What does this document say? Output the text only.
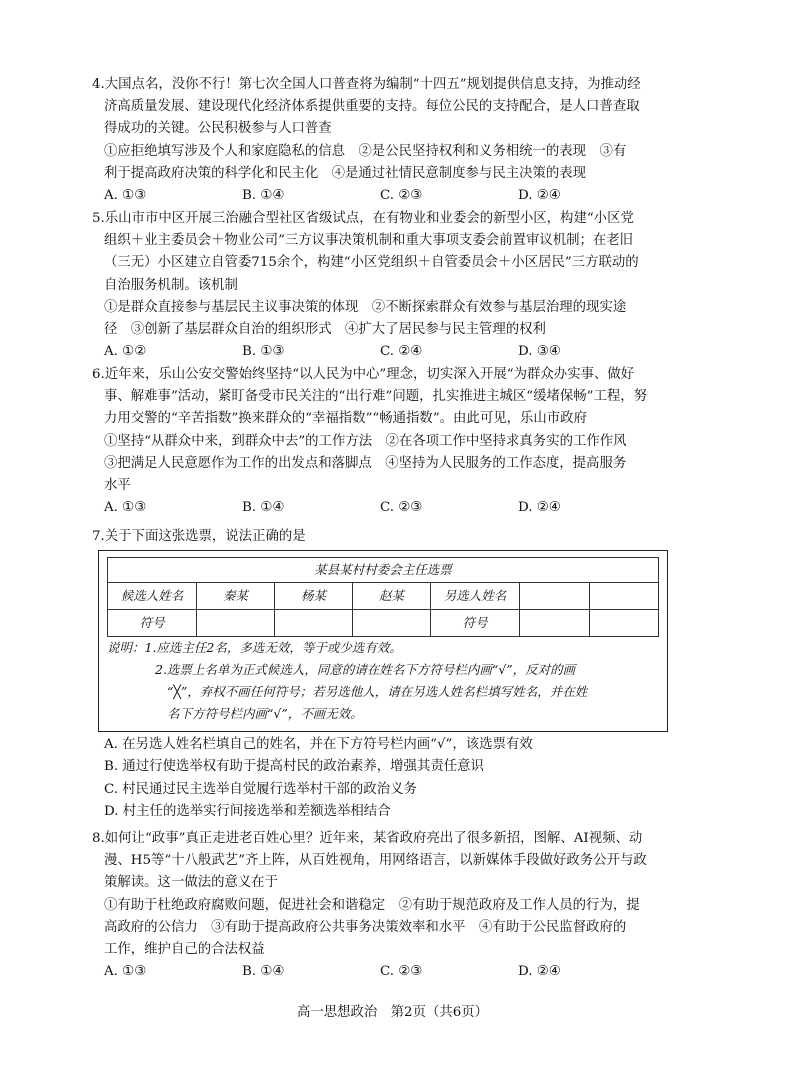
4.大国点名，没你不行！第七次全国人口普查将为编制“十四五”规划提供信息支持，为推动经

济高质量发展、建设现代化经济体系提供重要的支持。每位公民的支持配合，是人口普查取

得成功的关键。公民积极参与人口普查

①应拒绝填写涉及个人和家庭隐私的信息　②是公民坚持权利和义务相统一的表现　③有

利于提高政府决策的科学化和民主化　④是通过社情民意制度参与民主决策的表现

A. ①③	B. ①④	C. ②③	D. ②④

5.乐山市市中区开展三治融合型社区省级试点，在有物业和业委会的新型小区，构建“小区党

组织＋业主委员会＋物业公司”三方议事决策机制和重大事项支委会前置审议机制；在老旧

（三无）小区建立自管委715余个，构建“小区党组织＋自管委员会＋小区居民”三方联动的

自治服务机制。该机制

①是群众直接参与基层民主议事决策的体现　②不断探索群众有效参与基层治理的现实途

径　③创新了基层群众自治的组织形式　④扩大了居民参与民主管理的权利

A. ①②	B. ①③	C. ②④	D. ③④

6.近年来，乐山公安交警始终坚持“以人民为中心”理念，切实深入开展“为群众办实事、做好

事、解难事”活动，紧盯备受市民关注的“出行难”问题，扎实推进主城区“缓堵保畅”工程，努

力用交警的“辛苦指数”换来群众的“幸福指数”“畅通指数”。由此可见，乐山市政府

①坚持“从群众中来，到群众中去”的工作方法　②在各项工作中坚持求真务实的工作作风

③把满足人民意愿作为工作的出发点和落脚点　④坚持为人民服务的工作态度，提高服务

水平

A. ①③	B. ①④	C. ②③	D. ②④

7.关于下面这张选票，说法正确的是

某县某村村委会主任选票						
候选人姓名	秦某	杨某	赵某	另选人姓名		
符号				符号		

说明：1.应选主任2名，多选无效，等于或少选有效。

2.选票上名单为正式候选人，同意的请在姓名下方符号栏内画“√”，反对的画

“╳”，弃权不画任何符号；若另选他人，请在另选人姓名栏填写姓名，并在姓

名下方符号栏内画“√”，不画无效。

A. 在另选人姓名栏填自己的姓名，并在下方符号栏内画“√”，该选票有效

B. 通过行使选举权有助于提高村民的政治素养，增强其责任意识

C. 村民通过民主选举自觉履行选举村干部的政治义务

D. 村主任的选举实行间接选举和差额选举相结合

8.如何让“政事”真正走进老百姓心里？近年来，某省政府亮出了很多新招，图解、AI视频、动

漫、H5等“十八般武艺”齐上阵，从百姓视角，用网络语言，以新媒体手段做好政务公开与政

策解读。这一做法的意义在于

①有助于杜绝政府腐败问题，促进社会和谐稳定　②有助于规范政府及工作人员的行为，提

高政府的公信力　③有助于提高政府公共事务决策效率和水平　④有助于公民监督政府的

工作，维护自己的合法权益

A. ①③	B. ①④	C. ②③	D. ②④
高一思想政治　第2页（共6页）
